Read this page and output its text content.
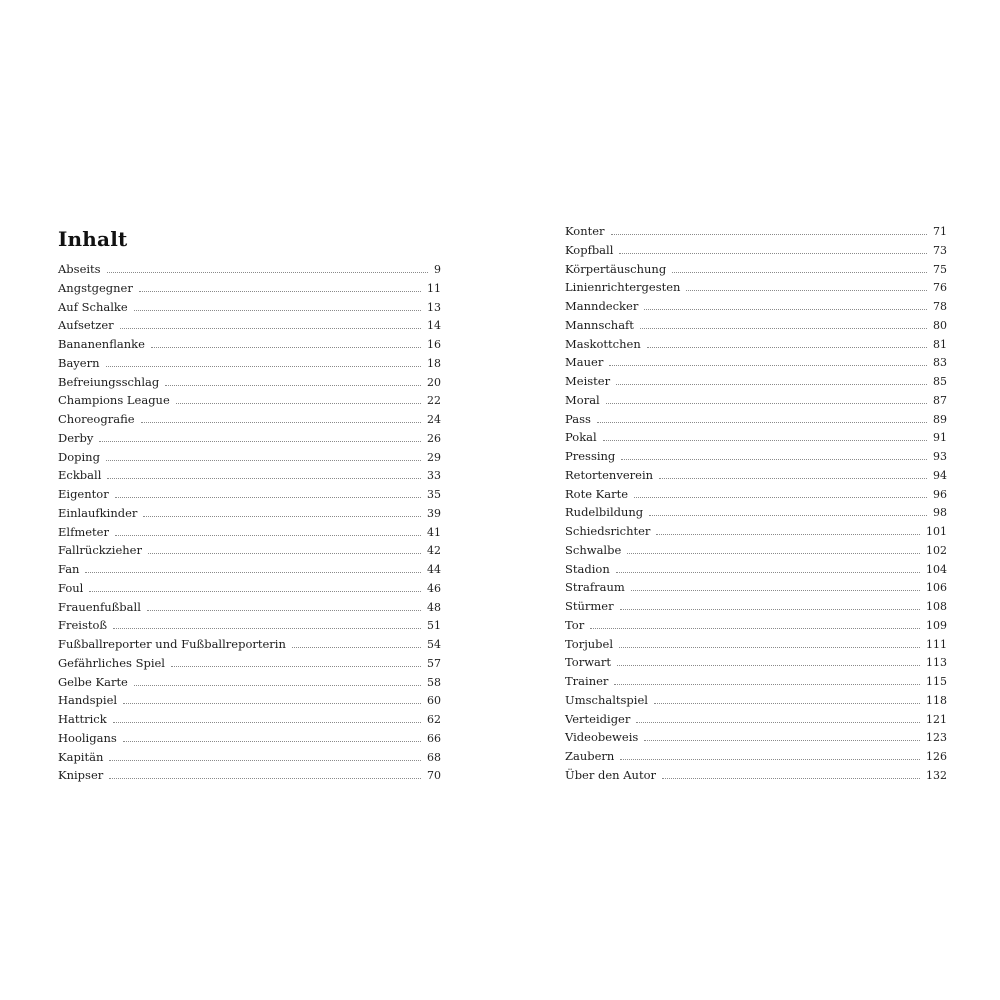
Inhalt
Abseits	9
Angstgegner	11
Auf Schalke	13
Aufsetzer	14
Bananenflanke	16
Bayern	18
Befreiungsschlag	20
Champions League	22
Choreografie	24
Derby	26
Doping	29
Eckball	33
Eigentor	35
Einlaufkinder	39
Elfmeter	41
Fallrückzieher	42
Fan	44
Foul	46
Frauenfußball	48
Freistoß	51
Fußballreporter und Fußballreporterin	54
Gefährliches Spiel	57
Gelbe Karte	58
Handspiel	60
Hattrick	62
Hooligans	66
Kapitän	68
Knipser	70
Konter	71
Kopfball	73
Körpertäuschung	75
Linienrichtergesten	76
Manndecker	78
Mannschaft	80
Maskottchen	81
Mauer	83
Meister	85
Moral	87
Pass	89
Pokal	91
Pressing	93
Retortenverein	94
Rote Karte	96
Rudelbildung	98
Schiedsrichter	101
Schwalbe	102
Stadion	104
Strafraum	106
Stürmer	108
Tor	109
Torjubel	111
Torwart	113
Trainer	115
Umschaltspiel	118
Verteidiger	121
Videobeweis	123
Zaubern	126
Über den Autor	132
